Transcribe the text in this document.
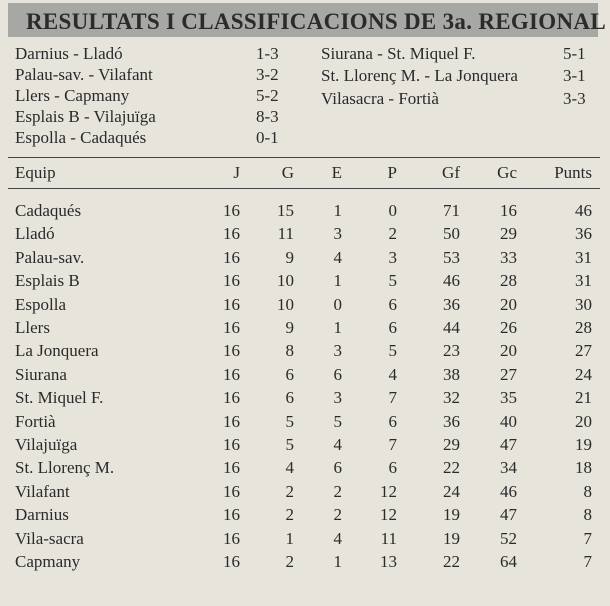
RESULTATS I CLASSIFICACIONS DE 3a. REGIONAL
Darnius - Lladó	1-3
Palau-sav. - Vilafant	3-2
Llers - Capmany	5-2
Esplais B - Vilajuïga	8-3
Espolla - Cadaqués	0-1
Siurana - St. Miquel F.	5-1
St. Llorenç M. - La Jonquera	3-1
Vilasacra - Fortià	3-3
Equip	J	G	E	P	Gf	Gc	Punts
Cadaqués	16	15	1	0	71	16	46
Lladó	16	11	3	2	50	29	36
Palau-sav.	16	9	4	3	53	33	31
Esplais B	16	10	1	5	46	28	31
Espolla	16	10	0	6	36	20	30
Llers	16	9	1	6	44	26	28
La Jonquera	16	8	3	5	23	20	27
Siurana	16	6	6	4	38	27	24
St. Miquel F.	16	6	3	7	32	35	21
Fortià	16	5	5	6	36	40	20
Vilajuïga	16	5	4	7	29	47	19
St. Llorenç M.	16	4	6	6	22	34	18
Vilafant	16	2	2	12	24	46	8
Darnius	16	2	2	12	19	47	8
Vila-sacra	16	1	4	11	19	52	7
Capmany	16	2	1	13	22	64	7
